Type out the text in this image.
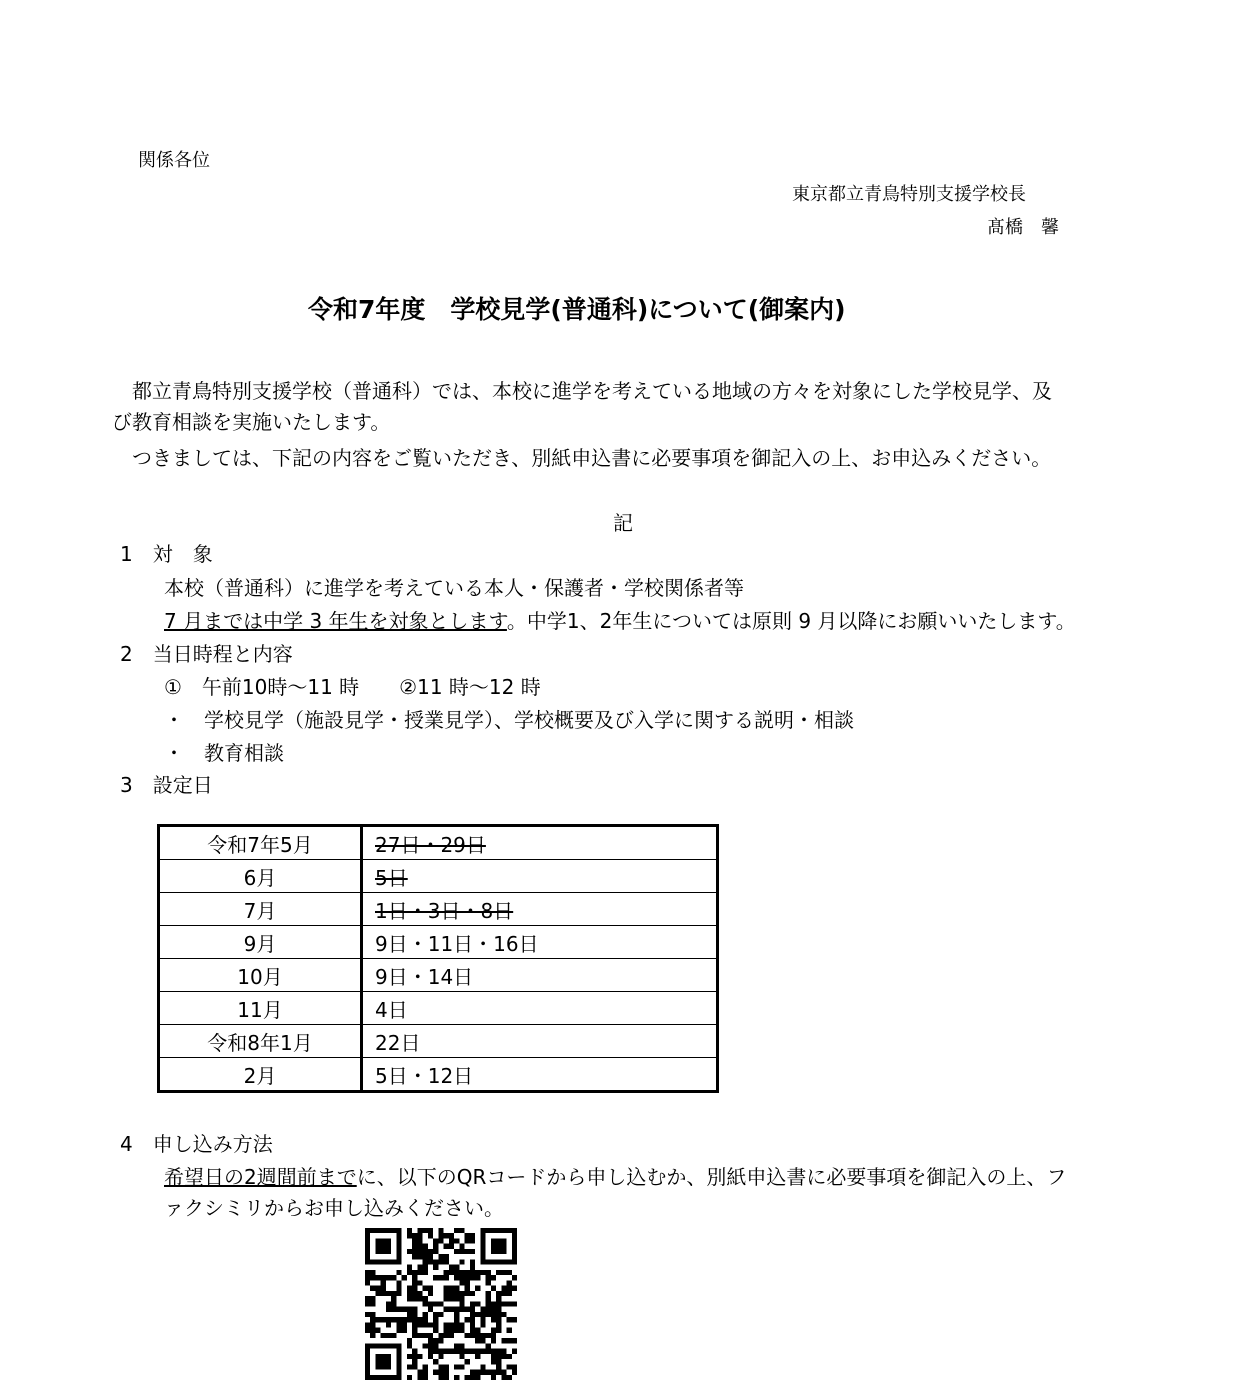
関係各位
東京都立青鳥特別支援学校長
髙橋　馨
令和7年度　学校見学(普通科)について(御案内)
都立青鳥特別支援学校（普通科）では、本校に進学を考えている地域の方々を対象にした学校見学、及
び教育相談を実施いたします。
つきましては、下記の内容をご覧いただき、別紙申込書に必要事項を御記入の上、お申込みください。
記
1　対　象
本校（普通科）に進学を考えている本人・保護者・学校関係者等
7 月までは中学 3 年生を対象とします。中学1、2年生については原則 9 月以降にお願いいたします。
2　当日時程と内容
①　午前10時～11 時　　②11 時～12 時
・　学校見学（施設見学・授業見学）、学校概要及び入学に関する説明・相談
・　教育相談
3　設定日
令和7年5月	27日・29日
6月	5日
7月	1日・3日・8日
9月	9日・11日・16日
10月	9日・14日
11月	4日
令和8年1月	22日
2月	5日・12日
4　申し込み方法
希望日の2週間前までに、以下のQRコードから申し込むか、別紙申込書に必要事項を御記入の上、フ
ァクシミリからお申し込みください。
